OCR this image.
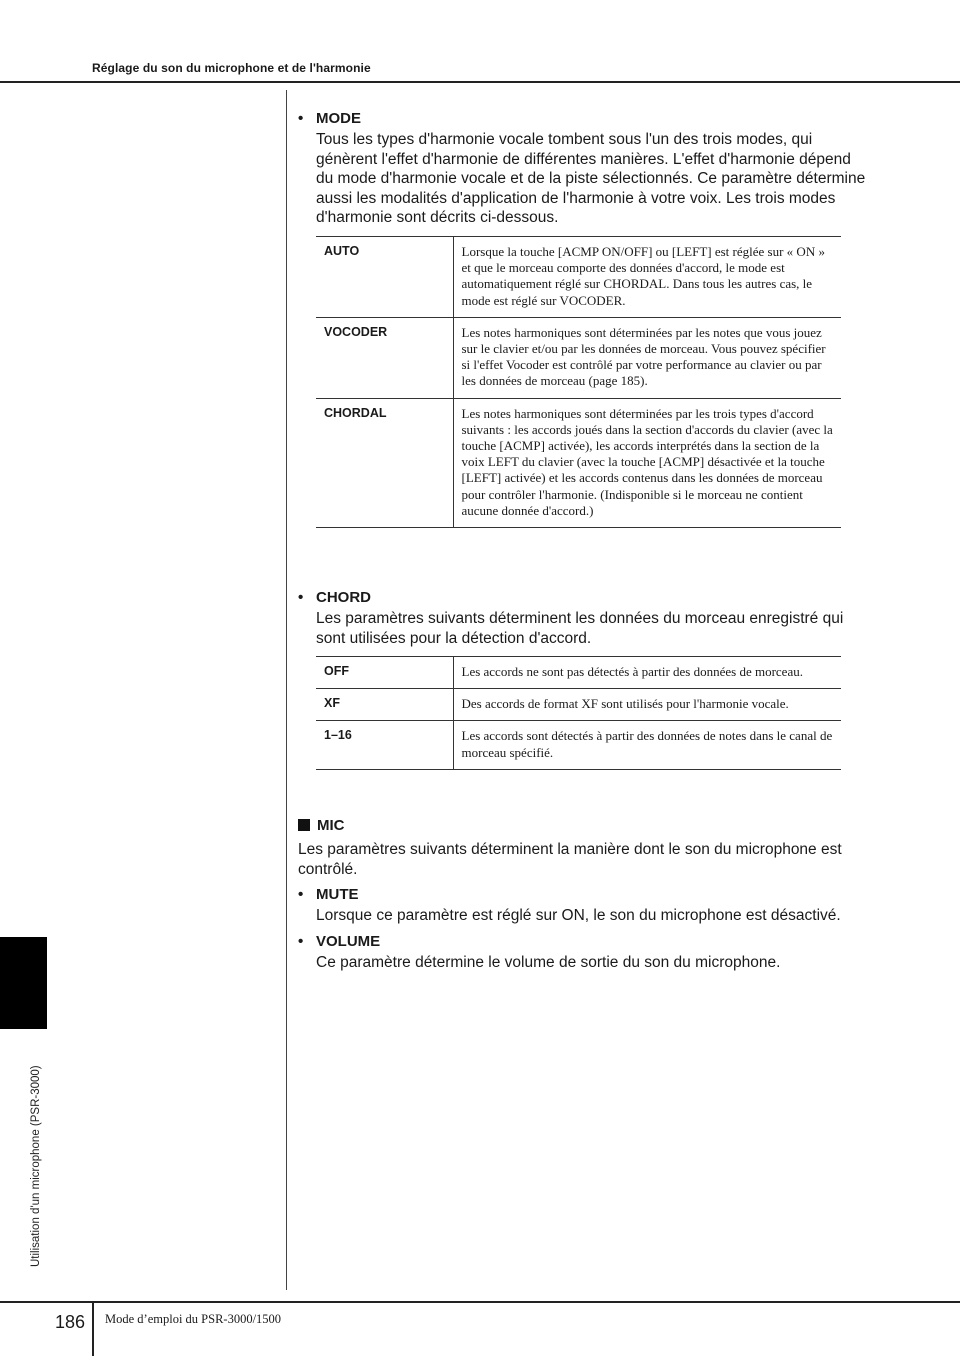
Réglage du son du microphone et de l'harmonie
Utilisation d'un microphone (PSR-3000)
• MODE
Tous les types d'harmonie vocale tombent sous l'un des trois modes, qui génèrent l'effet d'harmonie de différentes manières. L'effet d'harmonie dépend du mode d'harmonie vocale et de la piste sélectionnés. Ce paramètre détermine aussi les modalités d'application de l'harmonie à votre voix. Les trois modes d'harmonie sont décrits ci-dessous.
AUTO	Lorsque la touche [ACMP ON/OFF] ou [LEFT] est réglée sur « ON » et que le morceau comporte des données d'accord, le mode est automatiquement réglé sur CHORDAL. Dans tous les autres cas, le mode est réglé sur VOCODER.
VOCODER	Les notes harmoniques sont déterminées par les notes que vous jouez sur le clavier et/ou par les données de morceau. Vous pouvez spécifier si l'effet Vocoder est contrôlé par votre performance au clavier ou par les données de morceau (page 185).
CHORDAL	Les notes harmoniques sont déterminées par les trois types d'accord suivants : les accords joués dans la section d'accords du clavier (avec la touche [ACMP] activée), les accords interprétés dans la section de la voix LEFT du clavier (avec la touche [ACMP] désactivée et la touche [LEFT] activée) et les accords contenus dans les données de morceau pour contrôler l'harmonie. (Indisponible si le morceau ne contient aucune donnée d'accord.)
• CHORD
Les paramètres suivants déterminent les données du morceau enregistré qui sont utilisées pour la détection d'accord.
OFF	Les accords ne sont pas détectés à partir des données de morceau.
XF	Des accords de format XF sont utilisés pour l'harmonie vocale.
1–16	Les accords sont détectés à partir des données de notes dans le canal de morceau spécifié.
MIC
Les paramètres suivants déterminent la manière dont le son du microphone est contrôlé.
• MUTE
Lorsque ce paramètre est réglé sur ON, le son du microphone est désactivé.
• VOLUME
Ce paramètre détermine le volume de sortie du son du microphone.
186 Mode d’emploi du PSR-3000/1500
